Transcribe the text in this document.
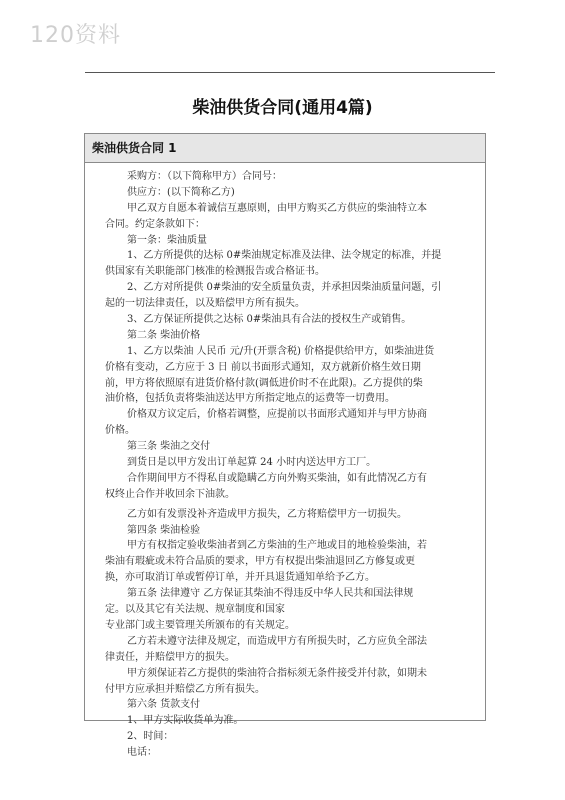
120资料
柴油供货合同(通用4篇)
柴油供货合同 1
采购方：（以下简称甲方）合同号：
供应方：(以下简称乙方)
甲乙双方自愿本着诚信互惠原则，由甲方购买乙方供应的柴油特立本
合同。约定条款如下：
第一条：柴油质量
1、乙方所提供的达标 0#柴油规定标准及法律、法令规定的标准，并提
供国家有关职能部门核准的检测报告或合格证书。
2、乙方对所提供 0#柴油的安全质量负责，并承担因柴油质量问题，引
起的一切法律责任，以及赔偿甲方所有损失。
3、乙方保证所提供之达标 0#柴油具有合法的授权生产或销售。
第二条 柴油价格
1、乙方以柴油 人民币 元/升(开票含税) 价格提供给甲方，如柴油进货
价格有变动，乙方应于 3 日 前以书面形式通知，双方就新价格生效日期
前，甲方将依照原有进货价格付款(调低进价时不在此限)。乙方提供的柴
油价格，包括负责将柴油送达甲方所指定地点的运费等一切费用。
价格双方议定后，价格若调整，应提前以书面形式通知并与甲方协商
价格。
第三条 柴油之交付
到货日是以甲方发出订单起算 24 小时内送达甲方工厂。
合作期间甲方不得私自或隐瞒乙方向外购买柴油，如有此情况乙方有
权终止合作并收回余下油款。
乙方如有发票没补齐造成甲方损失，乙方将赔偿甲方一切损失。
第四条 柴油检验
甲方有权指定验收柴油者到乙方柴油的生产地或目的地检验柴油，若
柴油有瑕疵或未符合品质的要求，甲方有权提出柴油退回乙方修复或更
换，亦可取消订单或暂停订单，并开具退货通知单给予乙方。
第五条 法律遵守 乙方保证其柴油不得违反中华人民共和国法律规
定。以及其它有关法规、规章制度和国家
专业部门或主要管理关所颁布的有关规定。
乙方若未遵守法律及规定，而造成甲方有所损失时，乙方应负全部法
律责任，并赔偿甲方的损失。
甲方须保证若乙方提供的柴油符合指标须无条件接受并付款，如期未
付甲方应承担并赔偿乙方所有损失。
第六条 货款支付
1、甲方实际收货单为准。
2、时间：
电话：
